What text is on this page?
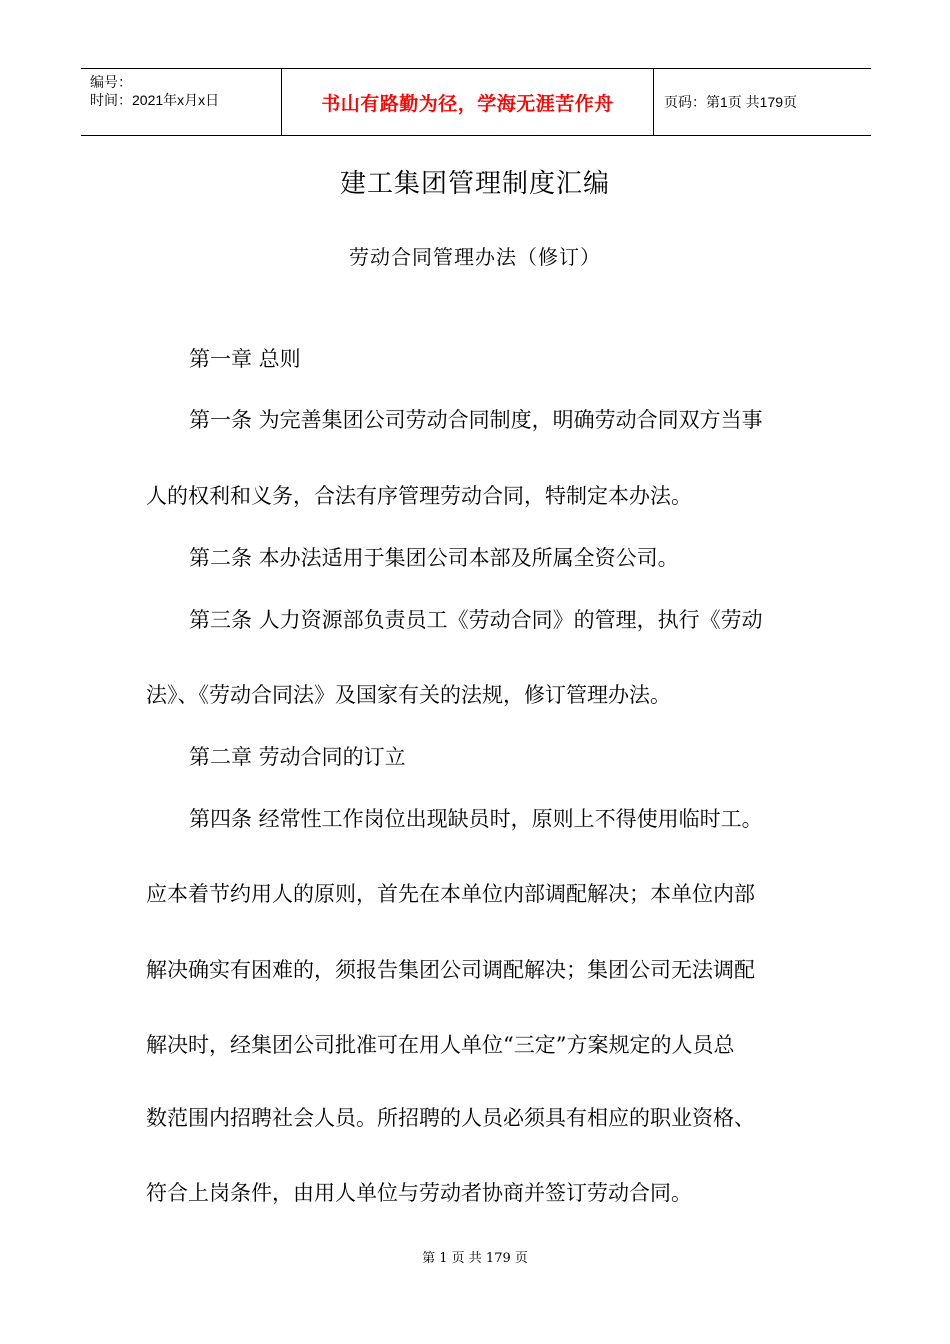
编号：
时间：2021年x月x日	书山有路勤为径，学海无涯苦作舟	页码：第1页 共179页
建工集团管理制度汇编
劳动合同管理办法（修订）
第一章 总则
第一条 为完善集团公司劳动合同制度，明确劳动合同双方当事
人的权利和义务，合法有序管理劳动合同，特制定本办法。
第二条 本办法适用于集团公司本部及所属全资公司。
第三条 人力资源部负责员工《劳动合同》的管理，执行《劳动
法》、《劳动合同法》及国家有关的法规，修订管理办法。
第二章 劳动合同的订立
第四条 经常性工作岗位出现缺员时，原则上不得使用临时工。
应本着节约用人的原则，首先在本单位内部调配解决；本单位内部
解决确实有困难的，须报告集团公司调配解决；集团公司无法调配
解决时，经集团公司批准可在用人单位“三定”方案规定的人员总
数范围内招聘社会人员。所招聘的人员必须具有相应的职业资格、
符合上岗条件，由用人单位与劳动者协商并签订劳动合同。
第 1 页 共 179 页
